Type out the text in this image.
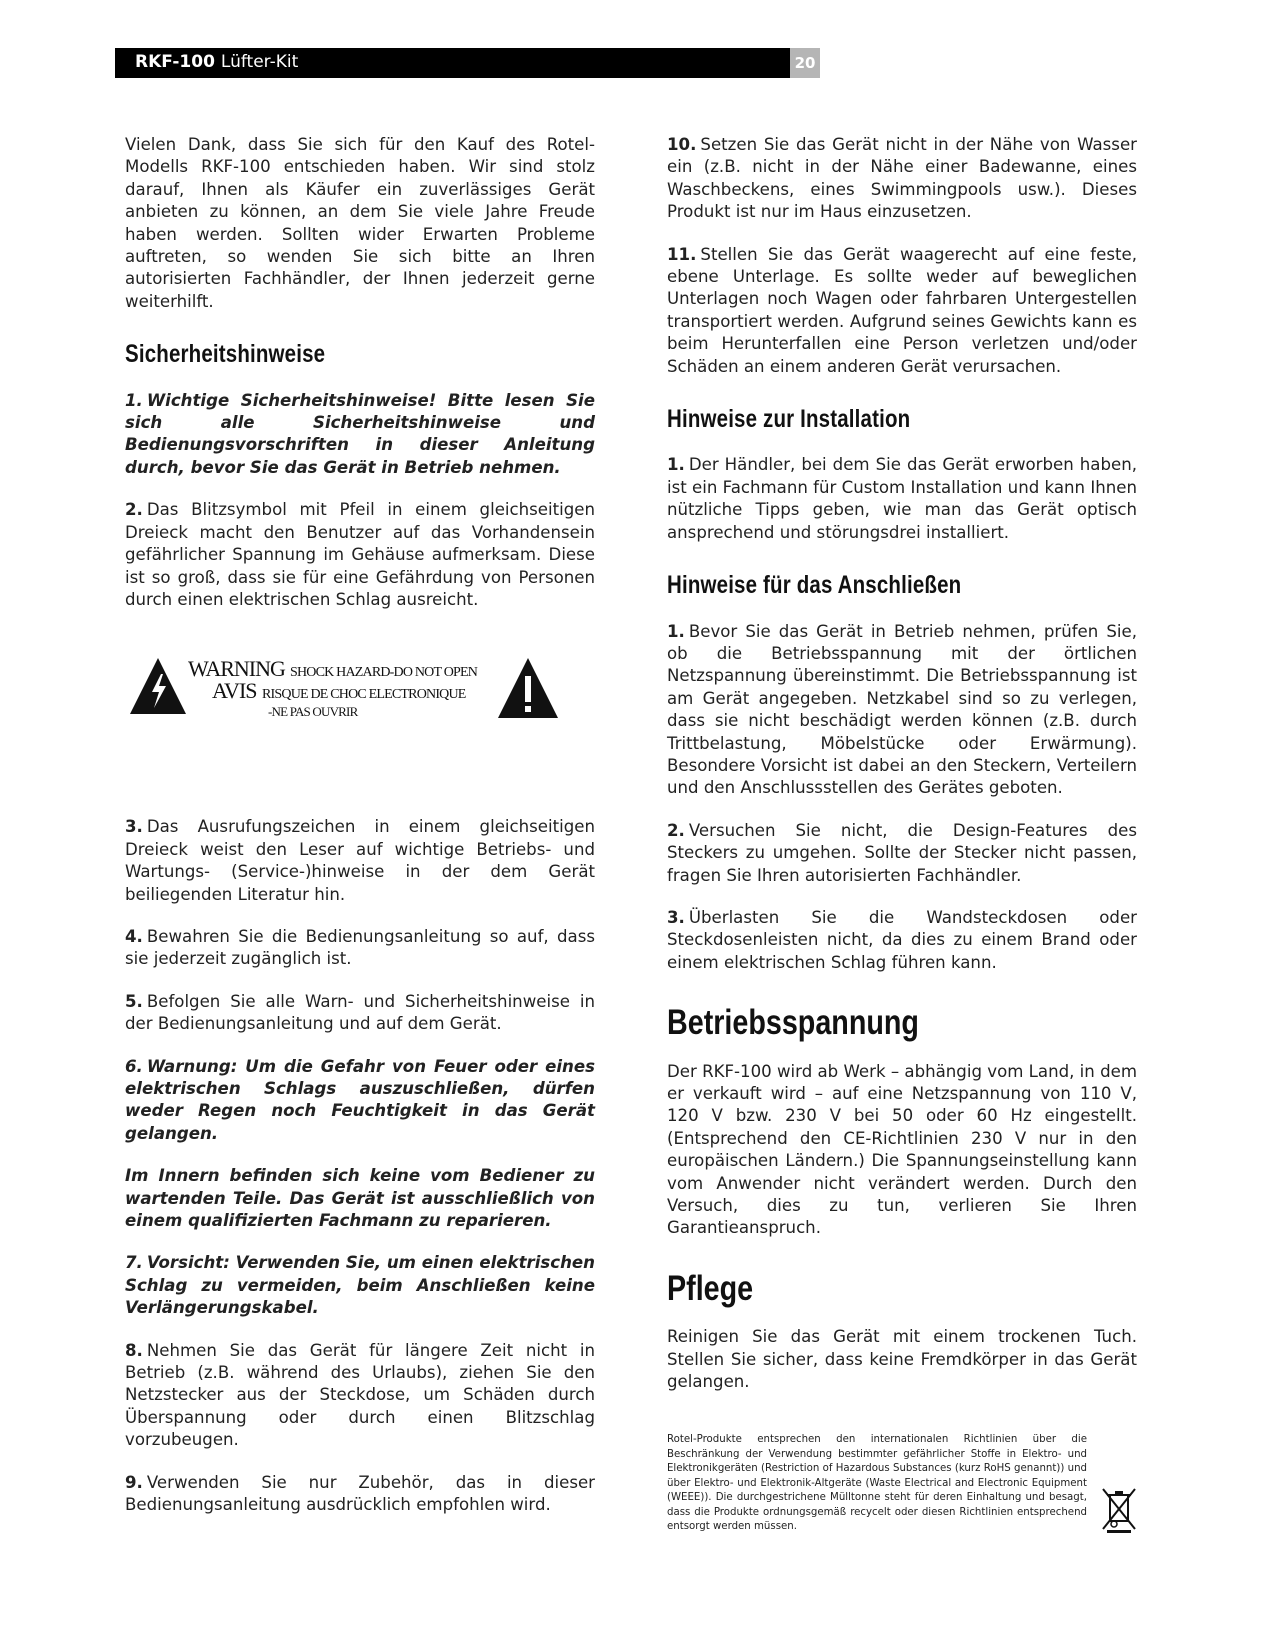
RKF-100 Lüfter-Kit	20

Vielen Dank, dass Sie sich für den Kauf des Rotel-Modells RKF-100 entschieden haben. Wir sind stolz darauf, Ihnen als Käufer ein zuverlässiges Gerät anbieten zu können, an dem Sie viele Jahre Freude haben werden. Sollten wider Erwarten Probleme auftreten, so wenden Sie sich bitte an Ihren autorisierten Fachhändler, der Ihnen jederzeit gerne weiterhilft.

Sicherheitshinweise

1. Wichtige Sicherheitshinweise! Bitte lesen Sie sich alle Sicherheitshinweise und Bedienungsvorschriften in dieser Anleitung durch, bevor Sie das Gerät in Betrieb nehmen.

2. Das Blitzsymbol mit Pfeil in einem gleichseitigen Dreieck macht den Benutzer auf das Vorhandensein gefährlicher Spannung im Gehäuse aufmerksam. Diese ist so groß, dass sie für eine Gefährdung von Personen durch einen elektrischen Schlag ausreicht.

WARNING SHOCK HAZARD-DO NOT OPEN
AVIS RISQUE DE CHOC ELECTRONIQUE
-NE PAS OUVRIR

3. Das Ausrufungszeichen in einem gleichseitigen Dreieck weist den Leser auf wichtige Betriebs- und Wartungs- (Service-)hinweise in der dem Gerät beiliegenden Literatur hin.

4. Bewahren Sie die Bedienungsanleitung so auf, dass sie jederzeit zugänglich ist.

5. Befolgen Sie alle Warn- und Sicherheitshinweise in der Bedienungsanleitung und auf dem Gerät.

6. Warnung: Um die Gefahr von Feuer oder eines elektrischen Schlags auszuschließen, dürfen weder Regen noch Feuchtigkeit in das Gerät gelangen.

Im Innern befinden sich keine vom Bediener zu wartenden Teile. Das Gerät ist ausschließlich von einem qualifizierten Fachmann zu reparieren.

7. Vorsicht: Verwenden Sie, um einen elektrischen Schlag zu vermeiden, beim Anschließen keine Verlängerungskabel.

8. Nehmen Sie das Gerät für längere Zeit nicht in Betrieb (z.B. während des Urlaubs), ziehen Sie den Netzstecker aus der Steckdose, um Schäden durch Überspannung oder durch einen Blitzschlag vorzubeugen.

9. Verwenden Sie nur Zubehör, das in dieser Bedienungsanleitung ausdrücklich empfohlen wird.

10. Setzen Sie das Gerät nicht in der Nähe von Wasser ein (z.B. nicht in der Nähe einer Badewanne, eines Waschbeckens, eines Swimmingpools usw.). Dieses Produkt ist nur im Haus einzusetzen.

11. Stellen Sie das Gerät waagerecht auf eine feste, ebene Unterlage. Es sollte weder auf beweglichen Unterlagen noch Wagen oder fahrbaren Untergestellen transportiert werden. Aufgrund seines Gewichts kann es beim Herunterfallen eine Person verletzen und/oder Schäden an einem anderen Gerät verursachen.

Hinweise zur Installation

1. Der Händler, bei dem Sie das Gerät erworben haben, ist ein Fachmann für Custom Installation und kann Ihnen nützliche Tipps geben, wie man das Gerät optisch ansprechend und störungsdrei installiert.

Hinweise für das Anschließen

1. Bevor Sie das Gerät in Betrieb nehmen, prüfen Sie, ob die Betriebsspannung mit der örtlichen Netzspannung übereinstimmt. Die Betriebsspannung ist am Gerät angegeben. Netzkabel sind so zu verlegen, dass sie nicht beschädigt werden können (z.B. durch Trittbelastung, Möbelstücke oder Erwärmung). Besondere Vorsicht ist dabei an den Steckern, Verteilern und den Anschlussstellen des Gerätes geboten.

2. Versuchen Sie nicht, die Design-Features des Steckers zu umgehen. Sollte der Stecker nicht passen, fragen Sie Ihren autorisierten Fachhändler.

3. Überlasten Sie die Wandsteckdosen oder Steckdosenleisten nicht, da dies zu einem Brand oder einem elektrischen Schlag führen kann.

Betriebsspannung

Der RKF-100 wird ab Werk – abhängig vom Land, in dem er verkauft wird – auf eine Netzspannung von 110 V, 120 V bzw. 230 V bei 50 oder 60 Hz eingestellt. (Entsprechend den CE-Richtlinien 230 V nur in den europäischen Ländern.) Die Spannungseinstellung kann vom Anwender nicht verändert werden. Durch den Versuch, dies zu tun, verlieren Sie Ihren Garantieanspruch.

Pflege

Reinigen Sie das Gerät mit einem trockenen Tuch. Stellen Sie sicher, dass keine Fremdkörper in das Gerät gelangen.

Rotel-Produkte entsprechen den internationalen Richtlinien über die Beschränkung der Verwendung bestimmter gefährlicher Stoffe in Elektro- und Elektronikgeräten (Restriction of Hazardous Substances (kurz RoHS genannt)) und über Elektro- und Elektronik-Altgeräte (Waste Electrical and Electronic Equipment (WEEE)). Die durchgestrichene Mülltonne steht für deren Einhaltung und besagt, dass die Produkte ordnungsgemäß recycelt oder diesen Richtlinien entsprechend entsorgt werden müssen.
